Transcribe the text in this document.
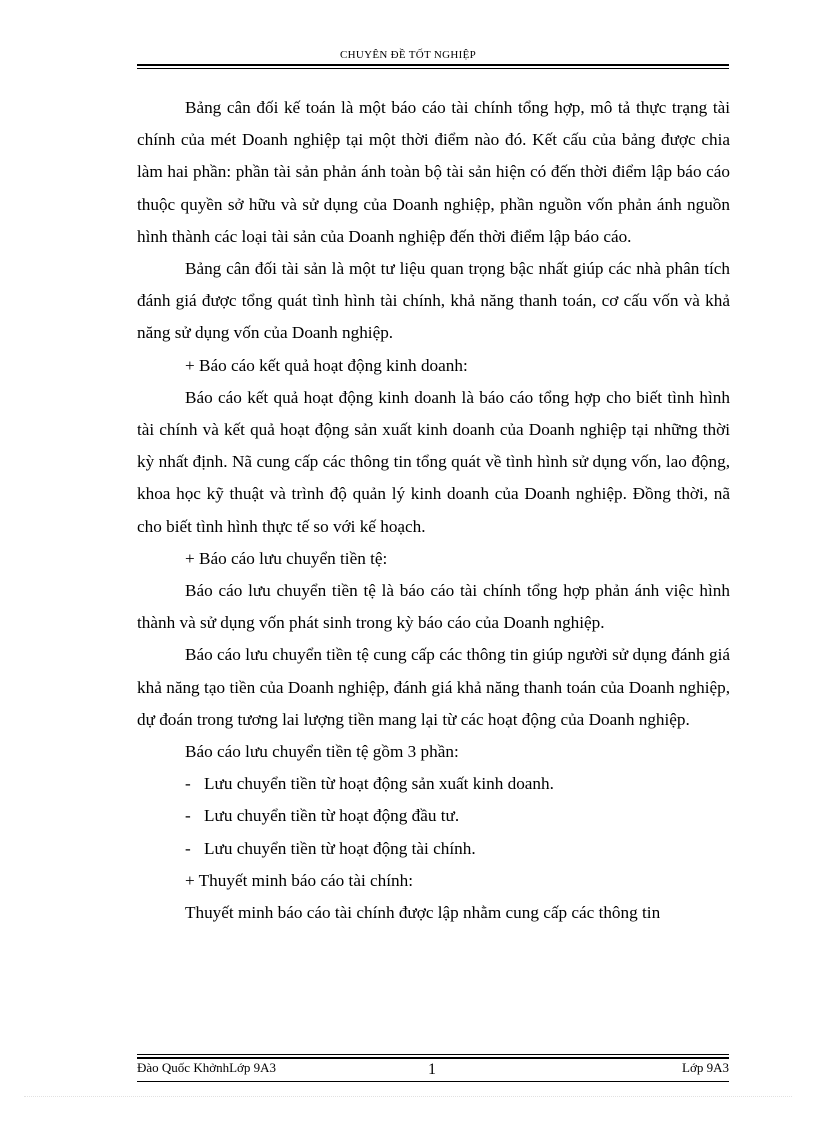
CHUYÊN ĐỀ TỐT NGHIỆP

Bảng cân đối kế toán là một báo cáo tài chính tổng hợp, mô tả thực trạng tài chính của mét Doanh nghiệp tại một thời điểm nào đó. Kết cấu của bảng được chia làm hai phần: phần tài sản phản ánh toàn bộ tài sản hiện có đến thời điểm lập báo cáo thuộc quyền sở hữu và sử dụng của Doanh nghiệp, phần nguồn vốn phản ánh nguồn hình thành các loại tài sản của Doanh nghiệp đến thời điểm lập báo cáo.

Bảng cân đối tài sản là một tư liệu quan trọng bậc nhất giúp các nhà phân tích đánh giá được tổng quát tình hình tài chính, khả năng thanh toán, cơ cấu vốn và khả năng sử dụng vốn của Doanh nghiệp.

+ Báo cáo kết quả hoạt động kinh doanh:

Báo cáo kết quả hoạt động kinh doanh là báo cáo tổng hợp cho biết tình hình tài chính và kết quả hoạt động sản xuất kinh doanh của Doanh nghiệp tại những thời kỳ nhất định. Nã cung cấp các thông tin tổng quát về tình hình sử dụng vốn, lao động, khoa học kỹ thuật và trình độ quản lý kinh doanh của Doanh nghiệp. Đồng thời, nã cho biết tình hình thực tế so với kế hoạch.

+ Báo cáo lưu chuyển tiền tệ:

Báo cáo lưu chuyển tiền tệ là báo cáo tài chính tổng hợp phản ánh việc hình thành và sử dụng vốn phát sinh trong kỳ báo cáo của Doanh nghiệp.

Báo cáo lưu chuyển tiền tệ cung cấp các thông tin giúp người sử dụng đánh giá khả năng tạo tiền của Doanh nghiệp, đánh giá khả năng thanh toán của Doanh nghiệp, dự đoán trong tương lai lượng tiền mang lại từ các hoạt động của Doanh nghiệp.

Báo cáo lưu chuyển tiền tệ gồm 3 phần:

- Lưu chuyển tiền từ hoạt động sản xuất kinh doanh.

- Lưu chuyển tiền từ hoạt động đầu tư.

- Lưu chuyển tiền từ hoạt động tài chính.

+ Thuyết minh báo cáo tài chính:

Thuyết minh báo cáo tài chính được lập nhằm cung cấp các thông tin

Đào Quốc KhởnhLớp 9A3	1	Lớp 9A3
